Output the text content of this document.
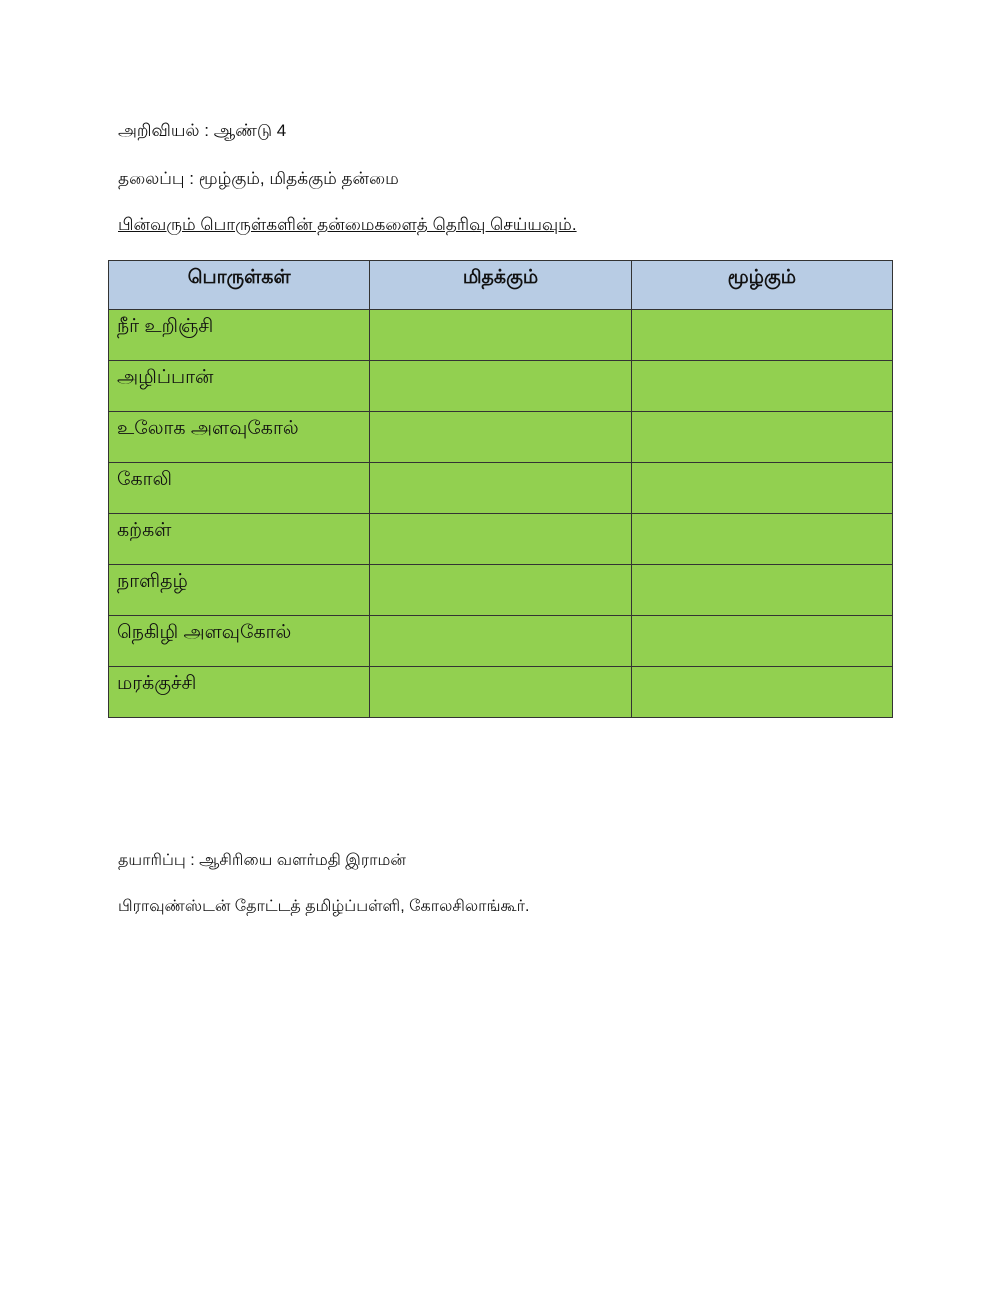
அறிவியல் : ஆண்டு 4
தலைப்பு : மூழ்கும், மிதக்கும் தன்மை
பின்வரும் பொருள்களின் தன்மைகளைத் தெரிவு செய்யவும்.
பொருள்கள்	மிதக்கும்	மூழ்கும்
நீர் உறிஞ்சி		
அழிப்பான்		
உலோக அளவுகோல்		
கோலி		
கற்கள்		
நாளிதழ்		
நெகிழி அளவுகோல்		
மரக்குச்சி		
தயாரிப்பு : ஆசிரியை வளர்மதி இராமன்
பிராவுண்ஸ்டன் தோட்டத் தமிழ்ப்பள்ளி, கோலசிலாங்கூர்.
